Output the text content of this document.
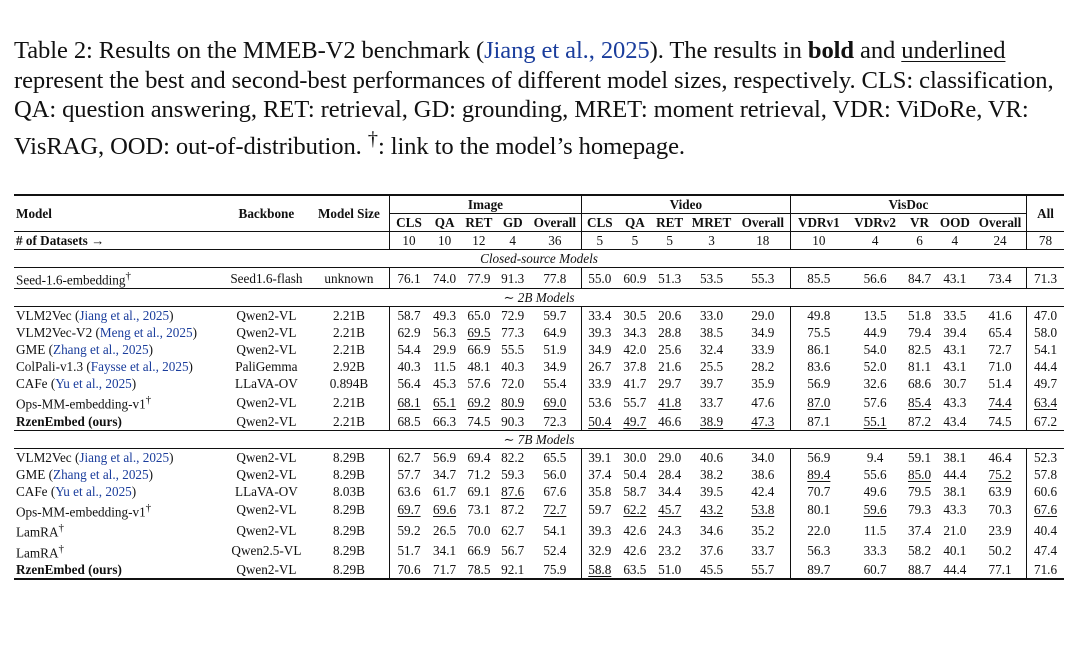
Table 2: Results on the MMEB-V2 benchmark (Jiang et al., 2025). The results in bold and underlined represent the best and second-best performances of different model sizes, respectively. CLS: classification, QA: question answering, RET: retrieval, GD: grounding, MRET: moment retrieval, VDR: ViDoRe, VR: VisRAG, OOD: out-of-distribution. †: link to the model’s homepage.
Model	Backbone	Model Size	Image					Video					VisDoc					All
			CLS	QA	RET	GD	Overall	CLS	QA	RET	MRET	Overall	VDRv1	VDRv2	VR	OOD	Overall	
# of Datasets →			10	10	12	4	36	5	5	5	3	18	10	4	6	4	24	78
Closed-source Models																		
Seed-1.6-embedding†	Seed1.6-flash	unknown	76.1	74.0	77.9	91.3	77.8	55.0	60.9	51.3	53.5	55.3	85.5	56.6	84.7	43.1	73.4	71.3
∼ 2B Models																		
VLM2Vec (Jiang et al., 2025)	Qwen2-VL	2.21B	58.7	49.3	65.0	72.9	59.7	33.4	30.5	20.6	33.0	29.0	49.8	13.5	51.8	33.5	41.6	47.0
VLM2Vec-V2 (Meng et al., 2025)	Qwen2-VL	2.21B	62.9	56.3	69.5	77.3	64.9	39.3	34.3	28.8	38.5	34.9	75.5	44.9	79.4	39.4	65.4	58.0
GME (Zhang et al., 2025)	Qwen2-VL	2.21B	54.4	29.9	66.9	55.5	51.9	34.9	42.0	25.6	32.4	33.9	86.1	54.0	82.5	43.1	72.7	54.1
ColPali-v1.3 (Faysse et al., 2025)	PaliGemma	2.92B	40.3	11.5	48.1	40.3	34.9	26.7	37.8	21.6	25.5	28.2	83.6	52.0	81.1	43.1	71.0	44.4
CAFe (Yu et al., 2025)	LLaVA-OV	0.894B	56.4	45.3	57.6	72.0	55.4	33.9	41.7	29.7	39.7	35.9	56.9	32.6	68.6	30.7	51.4	49.7
Ops-MM-embedding-v1†	Qwen2-VL	2.21B	68.1	65.1	69.2	80.9	69.0	53.6	55.7	41.8	33.7	47.6	87.0	57.6	85.4	43.3	74.4	63.4
RzenEmbed (ours)	Qwen2-VL	2.21B	68.5	66.3	74.5	90.3	72.3	50.4	49.7	46.6	38.9	47.3	87.1	55.1	87.2	43.4	74.5	67.2
∼ 7B Models																		
VLM2Vec (Jiang et al., 2025)	Qwen2-VL	8.29B	62.7	56.9	69.4	82.2	65.5	39.1	30.0	29.0	40.6	34.0	56.9	9.4	59.1	38.1	46.4	52.3
GME (Zhang et al., 2025)	Qwen2-VL	8.29B	57.7	34.7	71.2	59.3	56.0	37.4	50.4	28.4	38.2	38.6	89.4	55.6	85.0	44.4	75.2	57.8
CAFe (Yu et al., 2025)	LLaVA-OV	8.03B	63.6	61.7	69.1	87.6	67.6	35.8	58.7	34.4	39.5	42.4	70.7	49.6	79.5	38.1	63.9	60.6
Ops-MM-embedding-v1†	Qwen2-VL	8.29B	69.7	69.6	73.1	87.2	72.7	59.7	62.2	45.7	43.2	53.8	80.1	59.6	79.3	43.3	70.3	67.6
LamRA†	Qwen2-VL	8.29B	59.2	26.5	70.0	62.7	54.1	39.3	42.6	24.3	34.6	35.2	22.0	11.5	37.4	21.0	23.9	40.4
LamRA†	Qwen2.5-VL	8.29B	51.7	34.1	66.9	56.7	52.4	32.9	42.6	23.2	37.6	33.7	56.3	33.3	58.2	40.1	50.2	47.4
RzenEmbed (ours)	Qwen2-VL	8.29B	70.6	71.7	78.5	92.1	75.9	58.8	63.5	51.0	45.5	55.7	89.7	60.7	88.7	44.4	77.1	71.6
